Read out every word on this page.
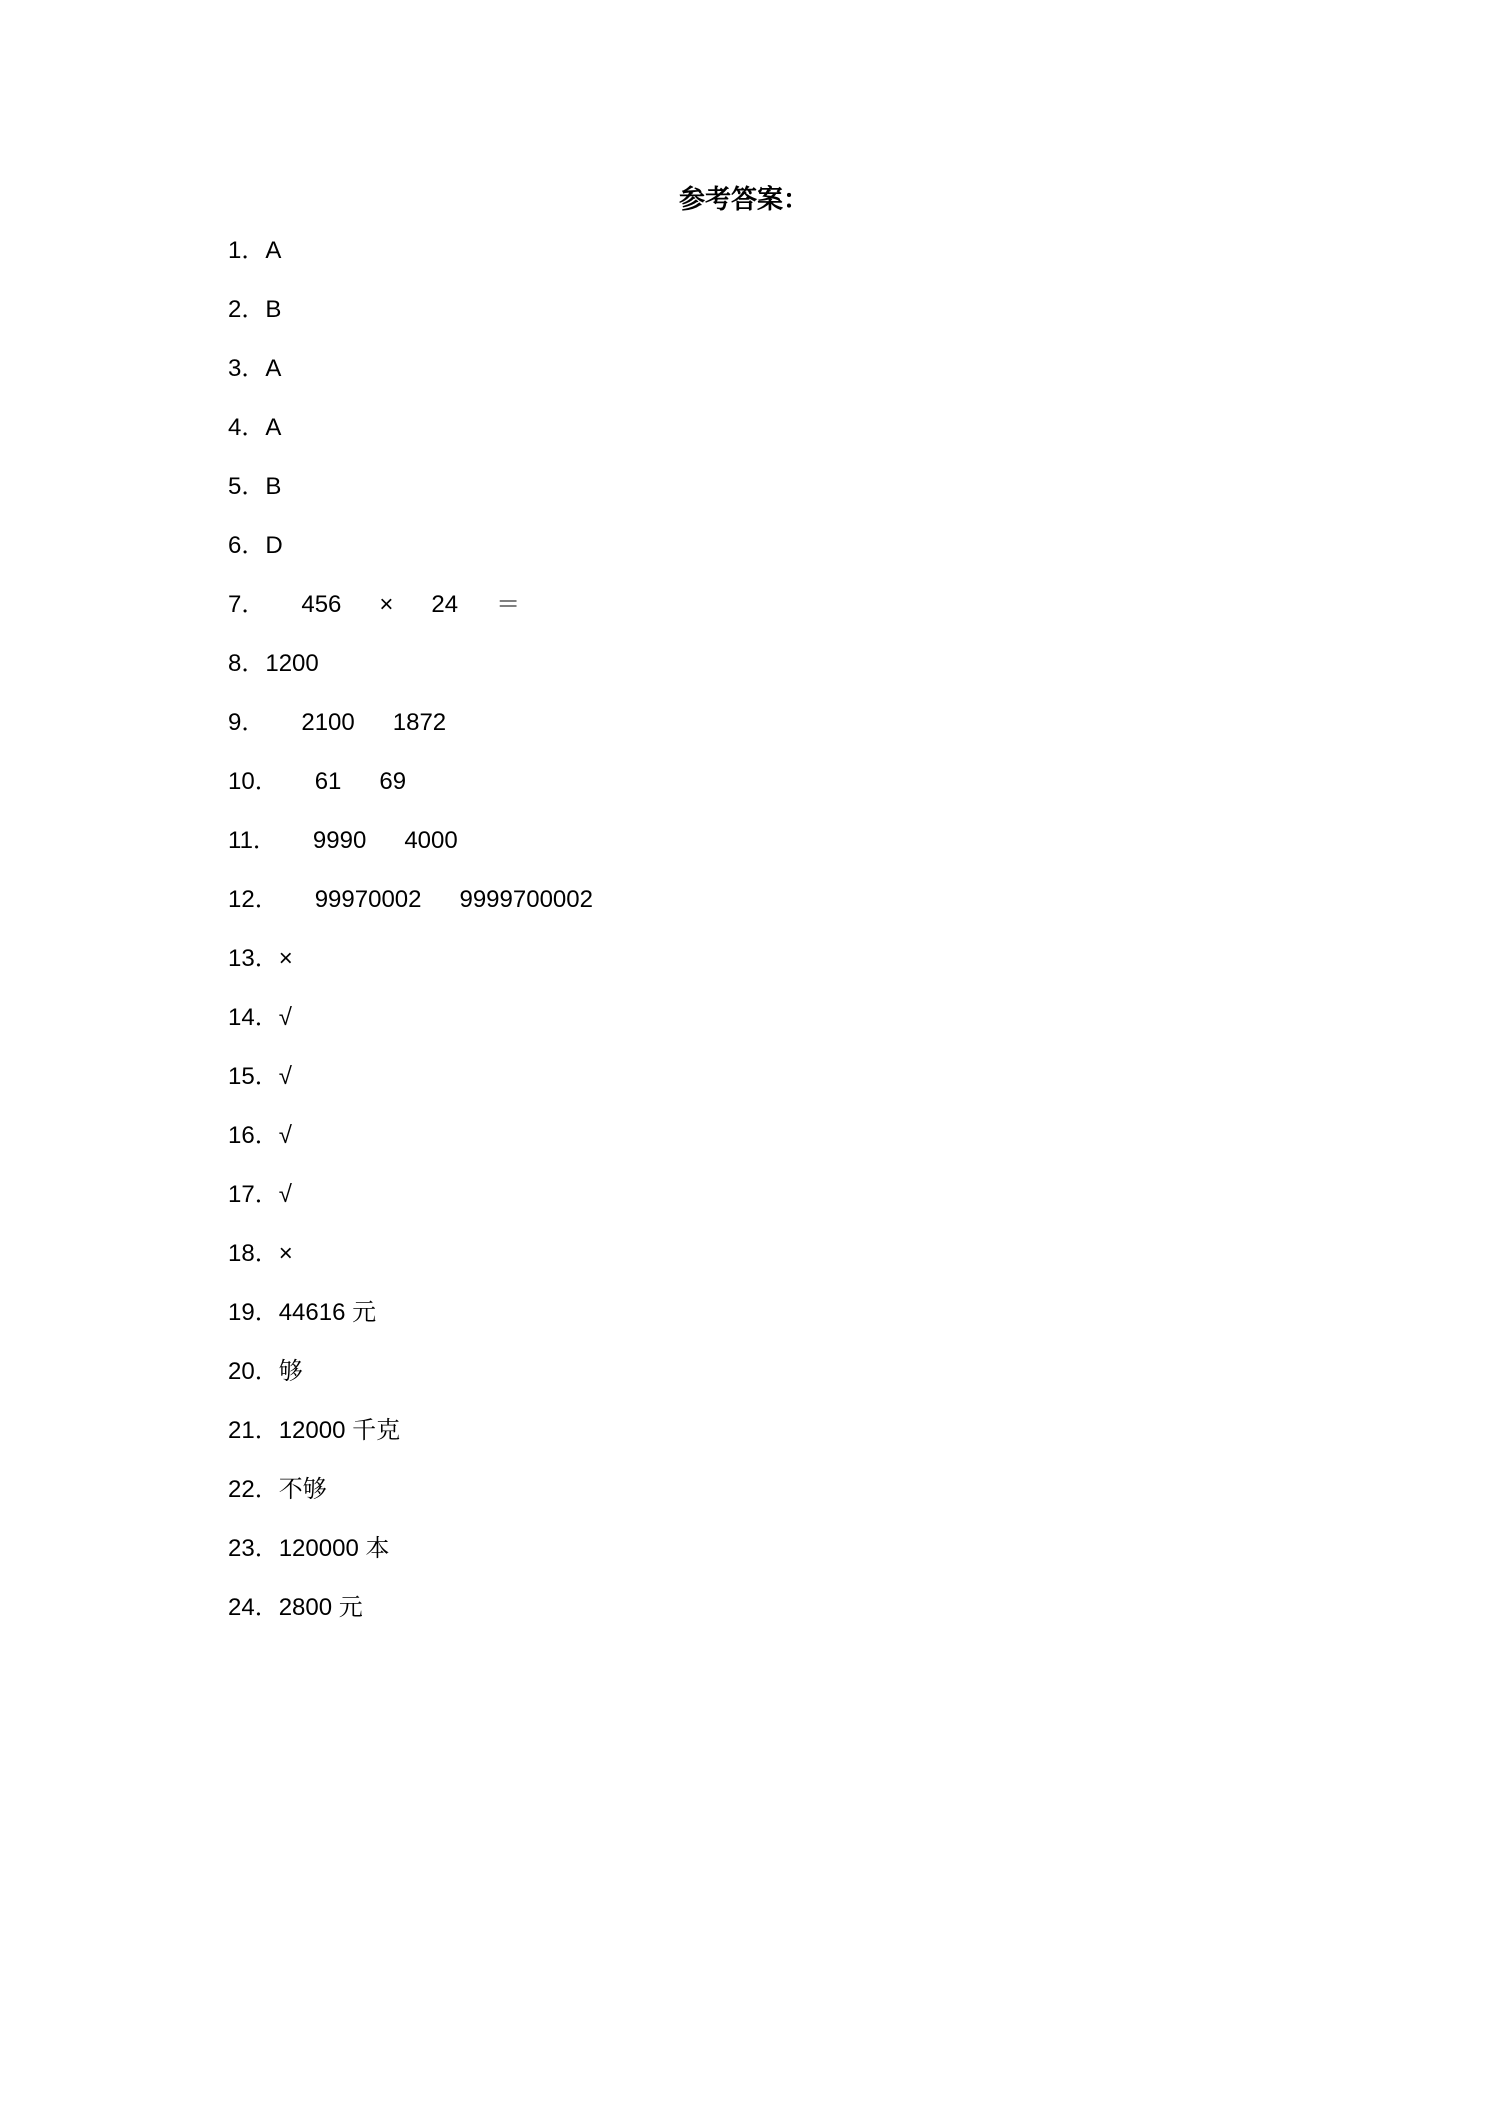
参考答案：
1． A
2． B
3． A
4． A
5． B
6． D
7． 456 × 24 ＝
8． 1200
9． 2100 1872
10． 61 69
11． 9990 4000
12． 99970002 9999700002
13． ×
14． √
15． √
16． √
17． √
18． ×
19． 44616 元
20． 够
21． 12000 千克
22． 不够
23． 120000 本
24． 2800 元
